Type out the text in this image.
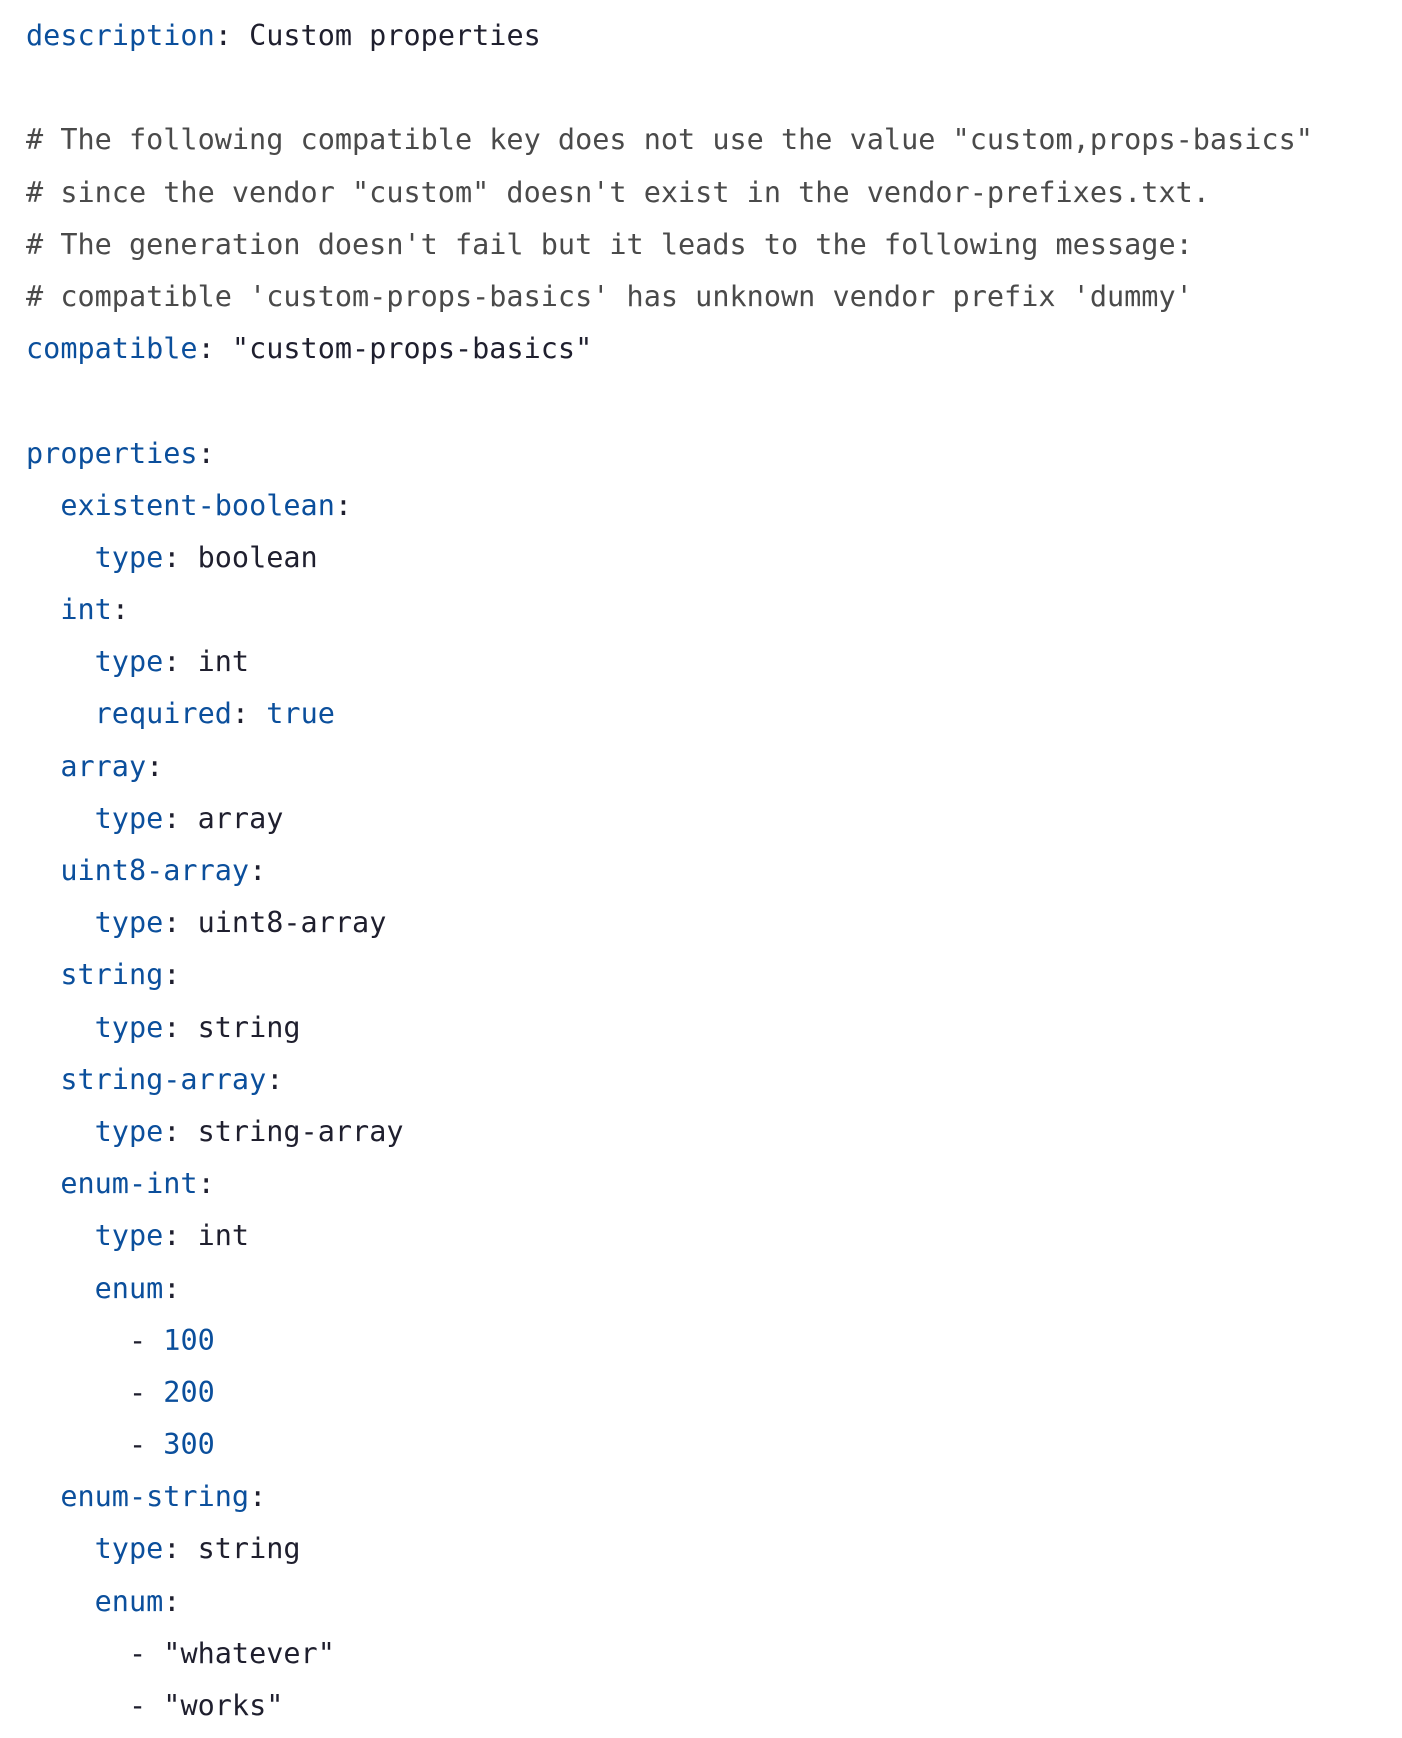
description: Custom properties
# The following compatible key does not use the value "custom,props-basics"
# since the vendor "custom" doesn't exist in the vendor-prefixes.txt.
# The generation doesn't fail but it leads to the following message:
# compatible 'custom-props-basics' has unknown vendor prefix 'dummy'
compatible: "custom-props-basics"
properties:
existent-boolean:
type: boolean
int:
type: int
required: true
array:
type: array
uint8-array:
type: uint8-array
string:
type: string
string-array:
type: string-array
enum-int:
type: int
enum:
- 100
- 200
- 300
enum-string:
type: string
enum:
- "whatever"
- "works"
